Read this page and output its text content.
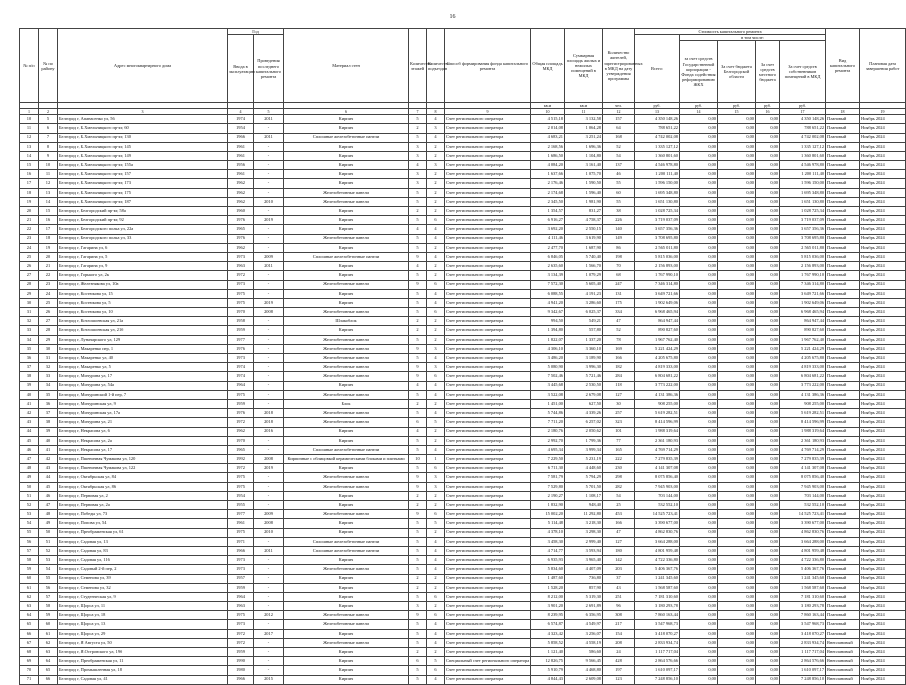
16
№ п/п	№ по району	Адрес многоквартирного дома	Год		Материал стен	Количество этажей	Количество подъездов	Способ формирования фонда капитального ремонта	Общая площадь МКД	Суммарная площадь жилых и нежилых помещений в МКД	Количество жителей, зарегистрированных в МКД на дату утверждения программы	Стоимость капитального ремонта					Вид капитального ремонта	Плановая дата завершения работ
			Ввода в эксплуатацию	Проведения последнего капитального ремонта								Всего:	в том числе:					
													за счет средств Государственной корпорации - Фонда содействия реформированию ЖКХ	За счет бюджета Белгородской области	За счет средств местного бюджета	За счет средств собственников помещений в МКД		
									кв.м	кв.м	чел.	руб.	руб.	руб.	руб.	руб.		
1	2	3	4	5	6	7	8	9	10	11	12	13	14	15	16	17	18	19
10	5	Белгород г, Апанасенко ул, 56	1974	2011	Кирпич	5	4	Счет регионального оператора	4 515,18	3 132,58	157	4 350 148,26	0,00	0,00	0,00	4 350 148,26	Плановый	Ноябрь 2024
11	6	Белгород г, Б.Хмельницкого пр-кт, 60	1954	-	Кирпич	2	3	Счет регионального оператора	2 014,08	1 064,28	64	788 651,22	0,00	0,00	0,00	788 651,22	Плановый	Ноябрь 2024
12	7	Белгород г, Б.Хмельницкого пр-кт, 130	1966	2011	Сплошные железобетонные панели	5	4	Счет регионального оператора	4 683,21	3 251,24	168	4 742 002,08	0,00	0,00	0,00	4 742 002,08	Плановый	Ноябрь 2024
13	8	Белгород г, Б.Хмельницкого пр-кт, 145	1961	-	Кирпич	3	2	Счет регионального оператора	2 168,56	1 696,36	52	1 335 127,12	0,00	0,00	0,00	1 335 127,12	Плановый	Ноябрь 2024
14	9	Белгород г, Б.Хмельницкого пр-кт, 149	1961	-	Кирпич	3	2	Счет регионального оператора	1 686,50	1 104,80	54	1 360 801,60	0,00	0,00	0,00	1 360 801,60	Плановый	Ноябрь 2024
15	10	Белгород г, Б.Хмельницкого пр-кт, 155а	1956	-	Кирпич	4	3	Счет регионального оператора	4 084,20	3 161,40	137	4 546 978,80	0,00	0,00	0,00	4 546 978,80	Плановый	Ноябрь 2024
16	11	Белгород г, Б.Хмельницкого пр-кт, 157	1961	-	Кирпич	3	2	Счет регионального оператора	1 637,66	1 075,70	46	1 200 111,40	0,00	0,00	0,00	1 200 111,40	Плановый	Ноябрь 2024
17	12	Белгород г, Б.Хмельницкого пр-кт, 173	1962	-	Кирпич	3	2	Счет регионального оператора	2 176,46	1 590,50	55	1 596 150,00	0,00	0,00	0,00	1 596 150,00	Плановый	Ноябрь 2024
18	13	Белгород г, Б.Хмельницкого пр-кт, 175	1962	-	Железобетонные панели	5	2	Счет регионального оператора	2 174,68	1 596,40	60	1 695 348,80	0,00	0,00	0,00	1 695 348,80	Плановый	Ноябрь 2024
19	14	Белгород г, Б.Хмельницкого пр-кт, 187	1962	2010	Железобетонные панели	5	2	Счет регионального оператора	2 345,50	1 981,90	55	1 651 130,80	0,00	0,00	0,00	1 651 130,80	Плановый	Ноябрь 2024
20	15	Белгород г, Белгородский пр-кт, 58а	1960	-	Кирпич	2	2	Счет регионального оператора	1 354,57	831,27	38	1 028 725,34	0,00	0,00	0,00	1 028 725,34	Плановый	Ноябрь 2024
21	16	Белгород г, Белгородский пр-кт, 92	1976	2019	Кирпич	5	6	Счет регионального оператора	6 916,27	4 758,37	226	3 719 037,09	0,00	0,00	0,00	3 719 037,09	Плановый	Ноябрь 2024
22	17	Белгород г, Белгородского полка ул, 22а	1965	-	Кирпич	4	4	Счет регионального оператора	3 692,20	2 550,15	140	3 657 356,36	0,00	0,00	0,00	3 657 356,36	Плановый	Ноябрь 2024
23	18	Белгород г, Белгородского полка ул, 33	1976	-	Железобетонные панели	5	4	Счет регионального оператора	4 111,46	3 619,90	149	3 708 695,80	0,00	0,00	0,00	3 708 695,80	Плановый	Ноябрь 2024
24	19	Белгород г, Гагарина ул, 6	1962	-	Кирпич	5	2	Счет регионального оператора	2 477,70	1 687,90	86	2 565 011,80	0,00	0,00	0,00	2 565 011,80	Плановый	Ноябрь 2024
25	20	Белгород г, Гагарина ул, 5	1973	2009	Сплошные железобетонные панели	9	4	Счет регионального оператора	6 846,05	5 740,40	198	5 815 036,00	0,00	0,00	0,00	5 815 036,00	Плановый	Ноябрь 2024
26	21	Белгород г, Гагарина ул, 9	1963	2011	Кирпич	4	2	Счет регионального оператора	2 635,60	1 566,70	70	2 156 893,00	0,00	0,00	0,00	2 156 893,00	Плановый	Ноябрь 2024
27	22	Белгород г, Горького ул, 2к	1972	-	Кирпич	5	2	Счет регионального оператора	3 134,39	1 079,29	68	1 767 990,10	0,00	0,00	0,00	1 767 990,10	Плановый	Ноябрь 2024
28	23	Белгород г, Железнякова ул, 10а	1973	-	Железобетонные панели	9	6	Счет регионального оператора	7 572,30	5 605,40	247	7 346 314,80	0,00	0,00	0,00	7 346 314,80	Плановый	Ноябрь 2024
29	24	Белгород г, Костюкова ул, 15	1975	-	Кирпич	5	4	Счет регионального оператора	6 088,55	4 191,23	131	3 649 721,66	0,00	0,00	0,00	3 649 721,66	Плановый	Ноябрь 2024
30	25	Белгород г, Костюкова ул, 5	1975	2019	Кирпич	5	4	Счет регионального оператора	4 941,20	3 286,60	175	1 902 649,06	0,00	0,00	0,00	1 902 649,06	Плановый	Ноябрь 2024
31	26	Белгород г, Костюкова ул, 10	1970	2008	Железобетонные панели	5	6	Счет регионального оператора	9 342,67	6 025,37	334	6 968 465,94	0,00	0,00	0,00	6 968 465,94	Плановый	Ноябрь 2024
32	27	Белгород г, Котлошоевская ул, 21а	1958	-	Шлакоблок	2	2	Счет регионального оператора	994,50	549,21	47	864 947,44	0,00	0,00	0,00	864 947,44	Плановый	Ноябрь 2024
33	28	Белгород г, Котлошоевская ул, 21б	1959	-	Кирпич	2	2	Счет регионального оператора	1 394,80	557,80	52	890 827,60	0,00	0,00	0,00	890 827,60	Плановый	Ноябрь 2024
34	29	Белгород г, Луначарского ул, 129	1977	-	Железобетонные панели	5	2	Счет регионального оператора	1 822,07	1 337,20	78	1 967 762,40	0,00	0,00	0,00	1 967 762,40	Плановый	Ноябрь 2024
35	30	Белгород г, Макаренко пер, 1	1976	-	Железобетонные панели	9	3	Счет регионального оператора	4 306,10	3 360,10	169	5 221 424,29	0,00	0,00	0,00	5 221 424,29	Плановый	Ноябрь 2024
36	31	Белгород г, Макаренко ул, 40	1973	-	Железобетонные панели	5	4	Счет регионального оператора	3 486,20	3 189,90	166	4 205 675,80	0,00	0,00	0,00	4 205 675,80	Плановый	Ноябрь 2024
37	32	Белгород г, Макаренко ул, 5	1974	-	Железобетонные панели	9	3	Счет регионального оператора	5 080,90	3 996,30	182	4 819 333,00	0,00	0,00	0,00	4 819 333,00	Плановый	Ноябрь 2024
38	33	Белгород г, Мичурина ул, 17	1974	-	Железобетонные панели	9	6	Счет регионального оператора	7 502,46	5 721,46	284	6 804 681,22	0,00	0,00	0,00	6 804 681,22	Плановый	Ноябрь 2024
39	34	Белгород г, Мичурина ул, 54а	1964	-	Кирпич	4	4	Счет регионального оператора	3 445,68	2 530,50	118	3 773 222,00	0,00	0,00	0,00	3 773 222,00	Плановый	Ноябрь 2024
40	35	Белгород г, Мичуринский 1-й пер, 7	1975	-	Железобетонные панели	5	4	Счет регионального оператора	3 522,08	2 679,08	127	4 131 386,36	0,00	0,00	0,00	4 131 386,36	Плановый	Ноябрь 2024
41	36	Белгород г, Мичуринская ул, 9	1959	-	Блок	2	2	Счет регионального оператора	1 451,00	627,50	30	908 255,00	0,00	0,00	0,00	908 255,00	Плановый	Ноябрь 2024
42	37	Белгород г, Мичуринская ул, 17а	1976	2018	Железобетонные панели	5	4	Счет регионального оператора	5 744,86	4 339,26	257	5 619 282,51	0,00	0,00	0,00	5 619 282,51	Плановый	Ноябрь 2024
43	38	Белгород г, Мичурина ул, 21	1972	2018	Железобетонные панели	6	5	Счет регионального оператора	7 711,20	6 257,02	323	8 414 596,99	0,00	0,00	0,00	8 414 596,99	Плановый	Ноябрь 2024
44	39	Белгород г, Некрасова ул, 6	1962	2016	Кирпич	4	2	Счет регионального оператора	2 180,76	2 050,62	101	1 988 319,64	0,00	0,00	0,00	1 988 319,64	Плановый	Ноябрь 2024
45	40	Белгород г, Некрасова ул, 2а	1970	-	Кирпич	5	2	Счет регионального оператора	2 992,70	1 799,36	77	2 361 180,93	0,00	0,00	0,00	2 361 180,93	Плановый	Ноябрь 2024
46	41	Белгород г, Некрасова ул, 17	1965	-	Сплошные железобетонные панели	5	4	Счет регионального оператора	4 695,34	3 999,34	165	4 769 714,29	0,00	0,00	0,00	4 769 714,29	Плановый	Ноябрь 2024
47	42	Белгород г, Пшеничная Чумакова ул, 120	1992	2008	Кирпичные с облицовкой керамическими блоками и плитками	10	1	Счет регионального оператора	7 229,50	5 231,19	222	7 279 835,39	0,00	0,00	0,00	7 279 835,39	Плановый	Ноябрь 2024
48	43	Белгород г, Пшеничная Чумакова ул, 122	1972	2019	Кирпич	5	6	Счет регионального оператора	6 711,30	4 448,60	230	4 141 307,08	0,00	0,00	0,00	4 141 307,08	Плановый	Ноябрь 2024
49	44	Белгород г, Октябрьская ул, 84	1975	-	Железобетонные панели	9	3	Счет регионального оператора	7 581,79	5 794,29	298	8 075 856,40	0,00	0,00	0,00	8 075 856,40	Плановый	Ноябрь 2024
50	45	Белгород г, Октябрьская ул, 86	1975	-	Железобетонные панели	9	3	Счет регионального оператора	7 529,80	5 701,50	282	7 945 903,00	0,00	0,00	0,00	7 945 903,00	Плановый	Ноябрь 2024
51	46	Белгород г, Первовая ул, 2	1954	-	Кирпич	2	2	Счет регионального оператора	2 190,27	1 108,17	54	703 144,00	0,00	0,00	0,00	703 144,00	Плановый	Ноябрь 2024
52	47	Белгород г, Первовая ул, 2а	1955	-	Кирпич	2	2	Счет регионального оператора	1 832,90	948,40	25	532 552,10	0,00	0,00	0,00	532 552,10	Плановый	Ноябрь 2024
53	48	Белгород г, Победы ул, 73	1977	2009	Железобетонные панели	9	6	Счет регионального оператора	15 002,20	11 292,80	453	14 525 723,41	0,00	0,00	0,00	14 525 723,41	Плановый	Ноябрь 2024
54	49	Белгород г, Попова ул, 54	1961	2008	Кирпич	5	5	Счет регионального оператора	5 114,48	3 218,30	166	3 390 677,00	0,00	0,00	0,00	3 390 677,00	Плановый	Ноябрь 2024
55	50	Белгород г, Преображенская ул, 61	1975	2010	Кирпич	5	2	Счет регионального оператора	4 378,10	3 298,30	47	4 862 830,76	0,00	0,00	0,00	4 862 830,76	Плановый	Ноябрь 2024
56	51	Белгород г, Садовая ул, 13	1971	-	Сплошные железобетонные панели	5	4	Счет регионального оператора	3 458,30	2 999,40	127	3 664 288,00	0,00	0,00	0,00	3 664 288,00	Плановый	Ноябрь 2024
57	52	Белгород г, Садовая ул, 83	1966	2011	Сплошные железобетонные панели	5	4	Счет регионального оператора	4 714,77	3 593,94	180	4 801 959,48	0,00	0,00	0,00	4 801 959,48	Плановый	Ноябрь 2024
58	53	Белгород г, Садовая ул, 116	1973	-	Кирпич	5	4	Счет регионального оператора	6 935,93	3 965,40	142	4 722 336,80	0,00	0,00	0,00	4 722 336,80	Плановый	Ноябрь 2024
59	54	Белгород г, Садовый 2-й пер, 2	1973	-	Железобетонные панели	5	4	Счет регионального оператора	5 834,60	4 407,09	203	5 406 367,76	0,00	0,00	0,00	5 406 367,76	Плановый	Ноябрь 2024
60	55	Белгород г, Семенова ул, 39	1957	-	Кирпич	2	2	Счет регионального оператора	1 487,60	736,80	37	1 241 345,60	0,00	0,00	0,00	1 241 345,60	Плановый	Ноябрь 2024
61	56	Белгород г, Семенова ул, 32	1959	-	Кирпич	2	2	Счет регионального оператора	1 528,20	857,90	43	1 568 587,60	0,00	0,00	0,00	1 568 587,60	Плановый	Ноябрь 2024
62	57	Белгород г, Студенческая ул, 9	1964	-	Кирпич	5	6	Счет регионального оператора	8 212,00	5 319,30	251	7 181 310,60	0,00	0,00	0,00	7 181 310,60	Плановый	Ноябрь 2024
63	58	Белгород г, Щорса ул, 11	1963	-	Кирпич	3	2	Счет регионального оператора	3 901,20	2 691,89	96	3 180 293,78	0,00	0,00	0,00	3 180 293,78	Плановый	Ноябрь 2024
64	59	Белгород г, Щорса ул, 18	1975	2012	Железобетонные панели	9	6	Счет регионального оператора	8 239,95	6 356,95	308	7 860 163,44	0,00	0,00	0,00	7 860 163,44	Плановый	Ноябрь 2024
65	60	Белгород г, Щорса ул, 13	1973	-	Железобетонные панели	5	4	Счет регионального оператора	6 574,87	4 549,97	217	3 547 968,73	0,00	0,00	0,00	3 547 968,73	Плановый	Ноябрь 2024
66	61	Белгород г, Щорса ул, 29	1972	2017	Кирпич	5	4	Счет регионального оператора	4 323,42	3 256,07	154	3 418 070,27	0,00	0,00	0,00	3 418 070,27	Плановый	Ноябрь 2024
67	62	Белгород г, Я Августа ул, 50	1972	-	Железобетонные панели	5	4	Счет регионального оператора	5 858,52	4 558,19	208	2 833 934,74	0,00	0,00	0,00	2 833 934,74	Внеплановый	Ноябрь 2024
68	63	Белгород г, Я.Островского ул, 19б	1959	-	Кирпич	2	2	Счет регионального оператора	1 121,40	586,60	24	1 117 717,04	0,00	0,00	0,00	1 117 717,04	Внеплановый	Ноябрь 2024
69	64	Белгород г, Преображенская ул, 11	1990	-	Кирпич	6	5	Специальный счет регионального оператора	12 826,75	9 566,45	428	2 864 576,66	0,00	0,00	0,00	2 864 576,66	Внеплановый	Ноябрь 2024
70	65	Белгород г, Промышленная ул, 18	1980	-	Кирпич	5	6	Счет регионального оператора	5 910,79	4 468,80	197	1 610 097,17	0,00	0,00	0,00	1 610 097,17	Внеплановый	Ноябрь 2024
71	66	Белгород г, Садовая ул, 41	1966	2015	Кирпич	5	4	Счет регионального оператора	4 844,43	2 609,08	123	7 248 856,10	0,00	0,00	0,00	7 248 856,10	Внеплановый	Ноябрь 2024
